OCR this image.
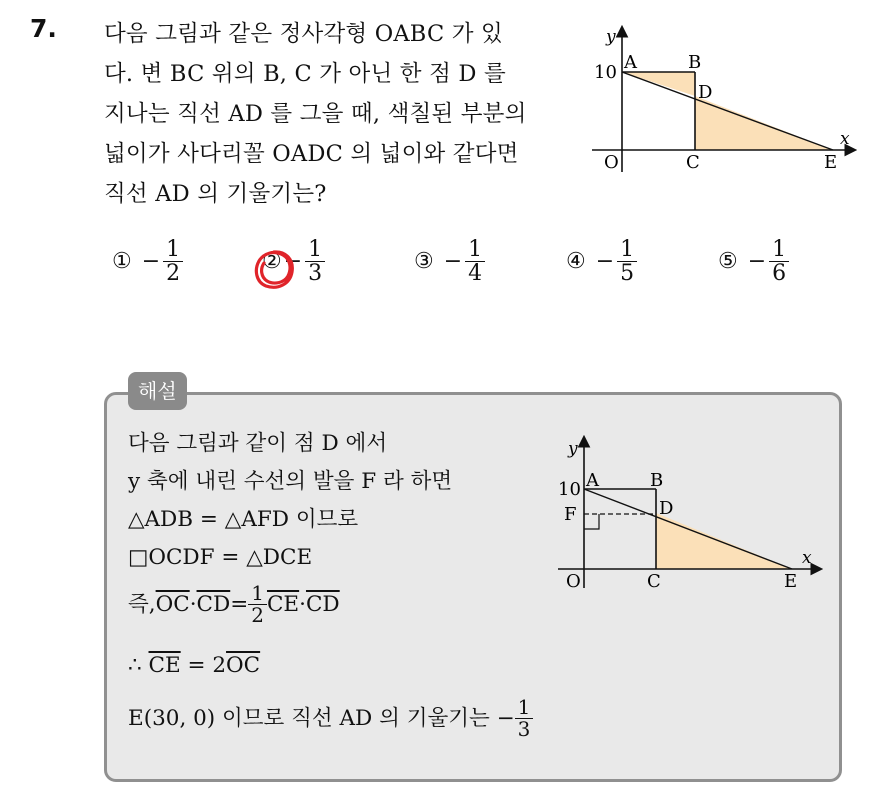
7. 다음 그림과 같은 정사각형 OABC 가 있
다. 변 BC 위의 B, C 가 아닌 한 점 D 를
지나는 직선 AD 를 그을 때, 색칠된 부분의
넓이가 사다리꼴 OADC 의 넓이와 같다면
직선 AD 의 기울기는?
y
x
10 A	B
D
O	C	E
① − $\frac{1}{2}$	② − $\frac{1}{3}$	③ − $\frac{1}{4}$	④ − $\frac{1}{5}$	⑤ − $\frac{1}{6}$
해설
다음 그림과 같이 점 D 에서
y 축에 내린 수선의 발을 F 라 하면
△ADB = △AFD 이므로
□OCDF = △DCE
즉, $\overline{OC} \cdot \overline{CD} = \frac{1}{2} \overline{CE} \cdot \overline{CD}$
∴ $\overline{CE} = 2\overline{OC}$
E(30, 0) 이므로 직선 AD 의 기울기는 − $\frac{1}{3}$
y
x
10 A	B
D
F
O	C	E
